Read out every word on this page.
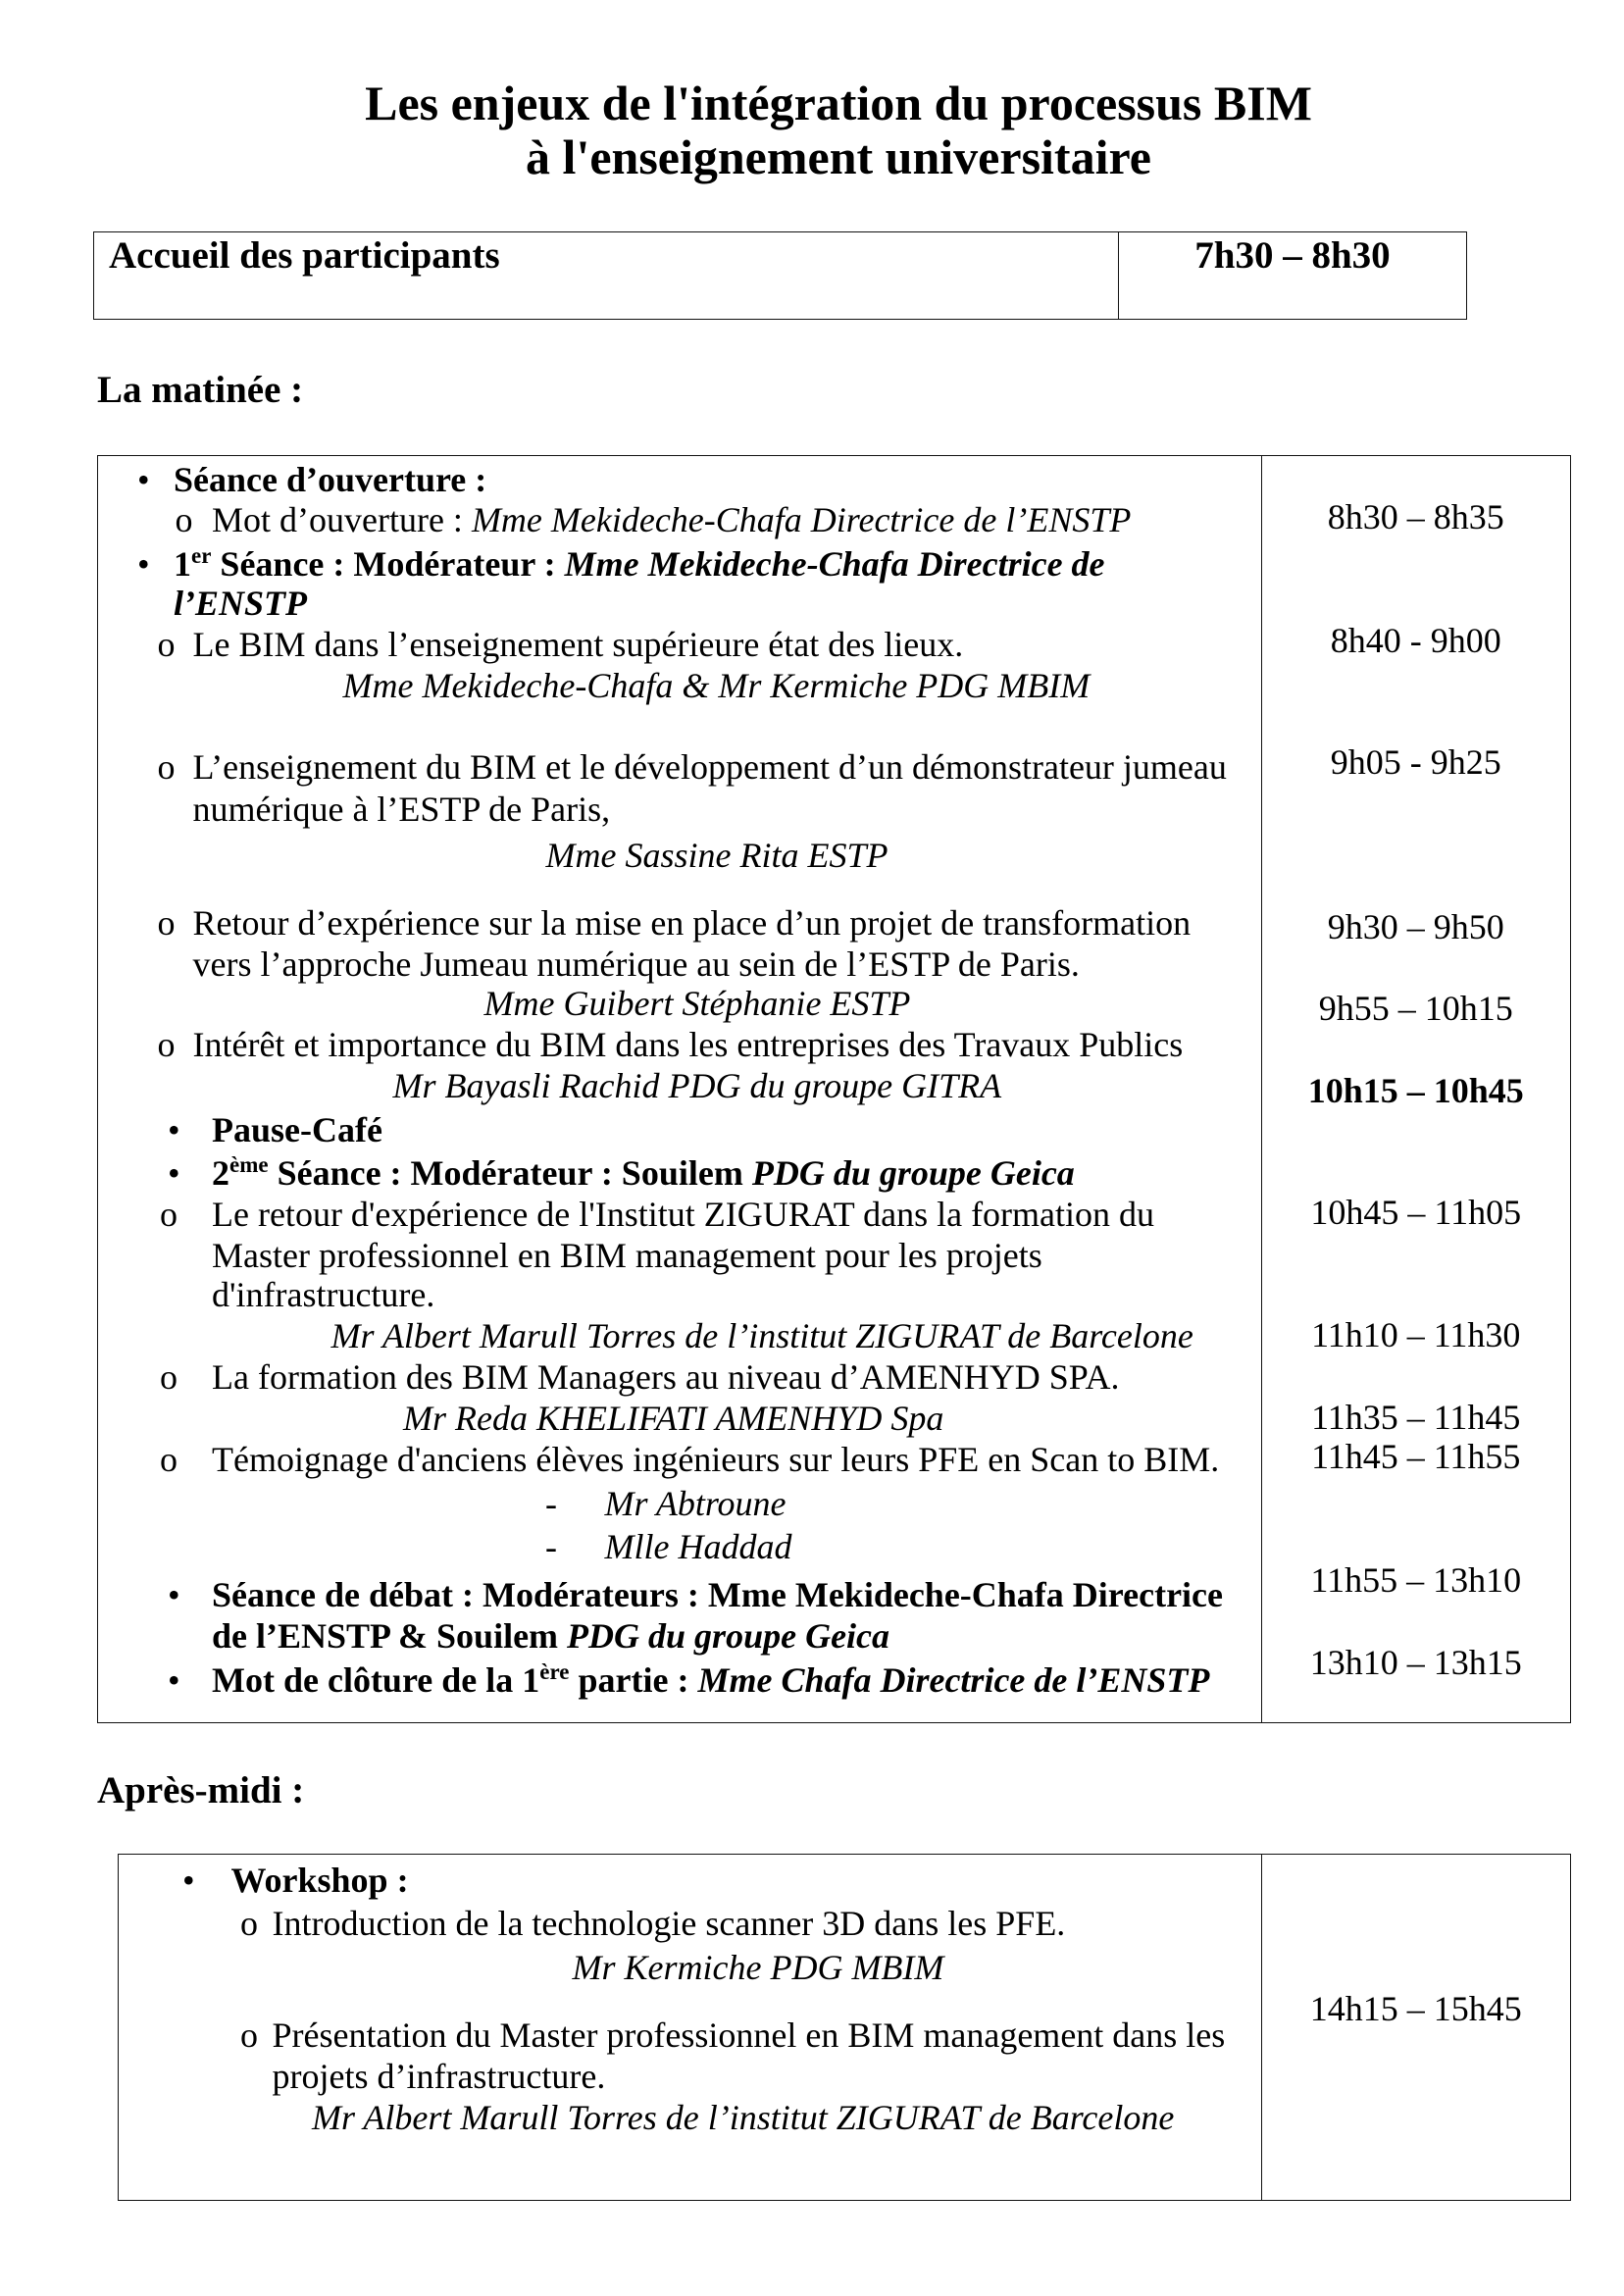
Les enjeux de l'intégration du processus BIM
à l'enseignement universitaire
Accueil des participants	7h30 – 8h30
La matinée :
•
Séance d’ouverture :
o
Mot d’ouverture : Mme Mekideche-Chafa Directrice de l’ENSTP
•
1er Séance : Modérateur : Mme Mekideche-Chafa Directrice de
l’ENSTP
o
Le BIM dans l’enseignement supérieure état des lieux.
Mme Mekideche-Chafa & Mr Kermiche PDG MBIM
o
L’enseignement du BIM et le développement d’un démonstrateur jumeau
numérique à l’ESTP de Paris,
Mme Sassine Rita ESTP
o
Retour d’expérience sur la mise en place d’un projet de transformation
vers l’approche Jumeau numérique au sein de l’ESTP de Paris.
Mme Guibert Stéphanie ESTP
o
Intérêt et importance du BIM dans les entreprises des Travaux Publics
Mr Bayasli Rachid PDG du groupe GITRA
•
Pause-Café
•
2ème Séance : Modérateur : Souilem PDG du groupe Geica
o
Le retour d'expérience de l'Institut ZIGURAT dans la formation du
Master professionnel en BIM management pour les projets
d'infrastructure.
Mr Albert Marull Torres de l’institut ZIGURAT de Barcelone
o
La formation des BIM Managers au niveau d’AMENHYD SPA.
Mr Reda KHELIFATI AMENHYD Spa
o
Témoignage d'anciens élèves ingénieurs sur leurs PFE en Scan to BIM.
-
Mr Abtroune
-
Mlle Haddad
•
Séance de débat : Modérateurs : Mme Mekideche-Chafa Directrice
de l’ENSTP & Souilem PDG du groupe Geica
•
Mot de clôture de la 1ère partie : Mme Chafa Directrice de l’ENSTP
8h30 – 8h35
8h40 - 9h00
9h05 - 9h25
9h30 – 9h50
9h55 – 10h15
10h15 – 10h45
10h45 – 11h05
11h10 – 11h30
11h35 – 11h45
11h45 – 11h55
11h55 – 13h10
13h10 – 13h15
Après-midi :
•
Workshop :
o
Introduction de la technologie scanner 3D dans les PFE.
Mr Kermiche PDG MBIM
o
Présentation du Master professionnel en BIM management dans les
projets d’infrastructure.
Mr Albert Marull Torres de l’institut ZIGURAT de Barcelone
14h15 – 15h45
